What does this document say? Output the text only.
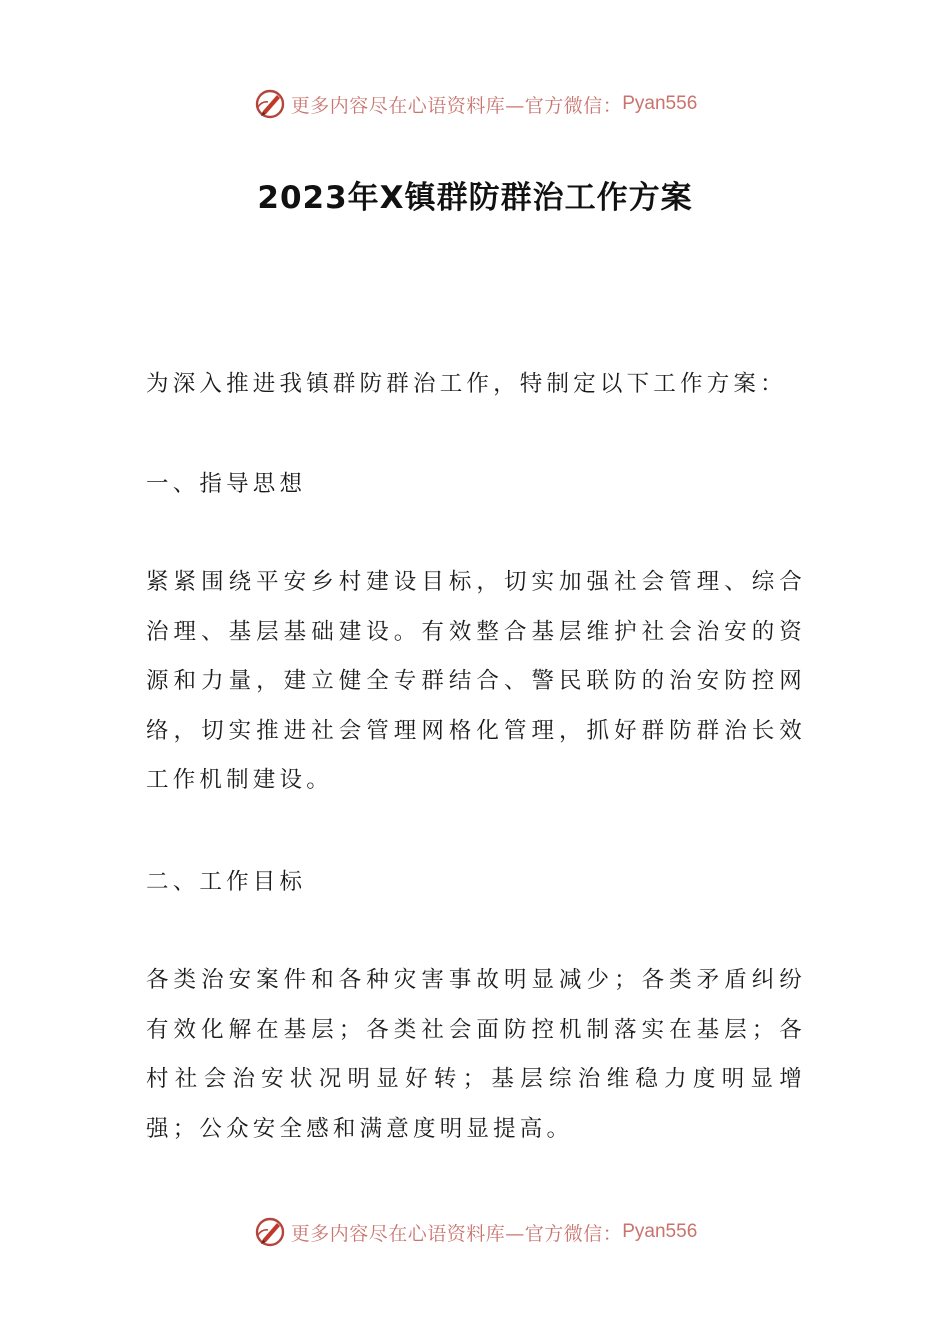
更多内容尽在心语资料库—官方微信： Pyan556
2023年X镇群防群治工作方案

为深入推进我镇群防群治工作，特制定以下工作方案：

一、指导思想

紧紧围绕平安乡村建设目标，切实加强社会管理、综合治理、基层基础建设。有效整合基层维护社会治安的资源和力量，建立健全专群结合、警民联防的治安防控网络，切实推进社会管理网格化管理，抓好群防群治长效工作机制建设。

二、工作目标

各类治安案件和各种灾害事故明显减少；各类矛盾纠纷有效化解在基层；各类社会面防控机制落实在基层；各村社会治安状况明显好转；基层综治维稳力度明显增强；公众安全感和满意度明显提高。

更多内容尽在心语资料库—官方微信： Pyan556
